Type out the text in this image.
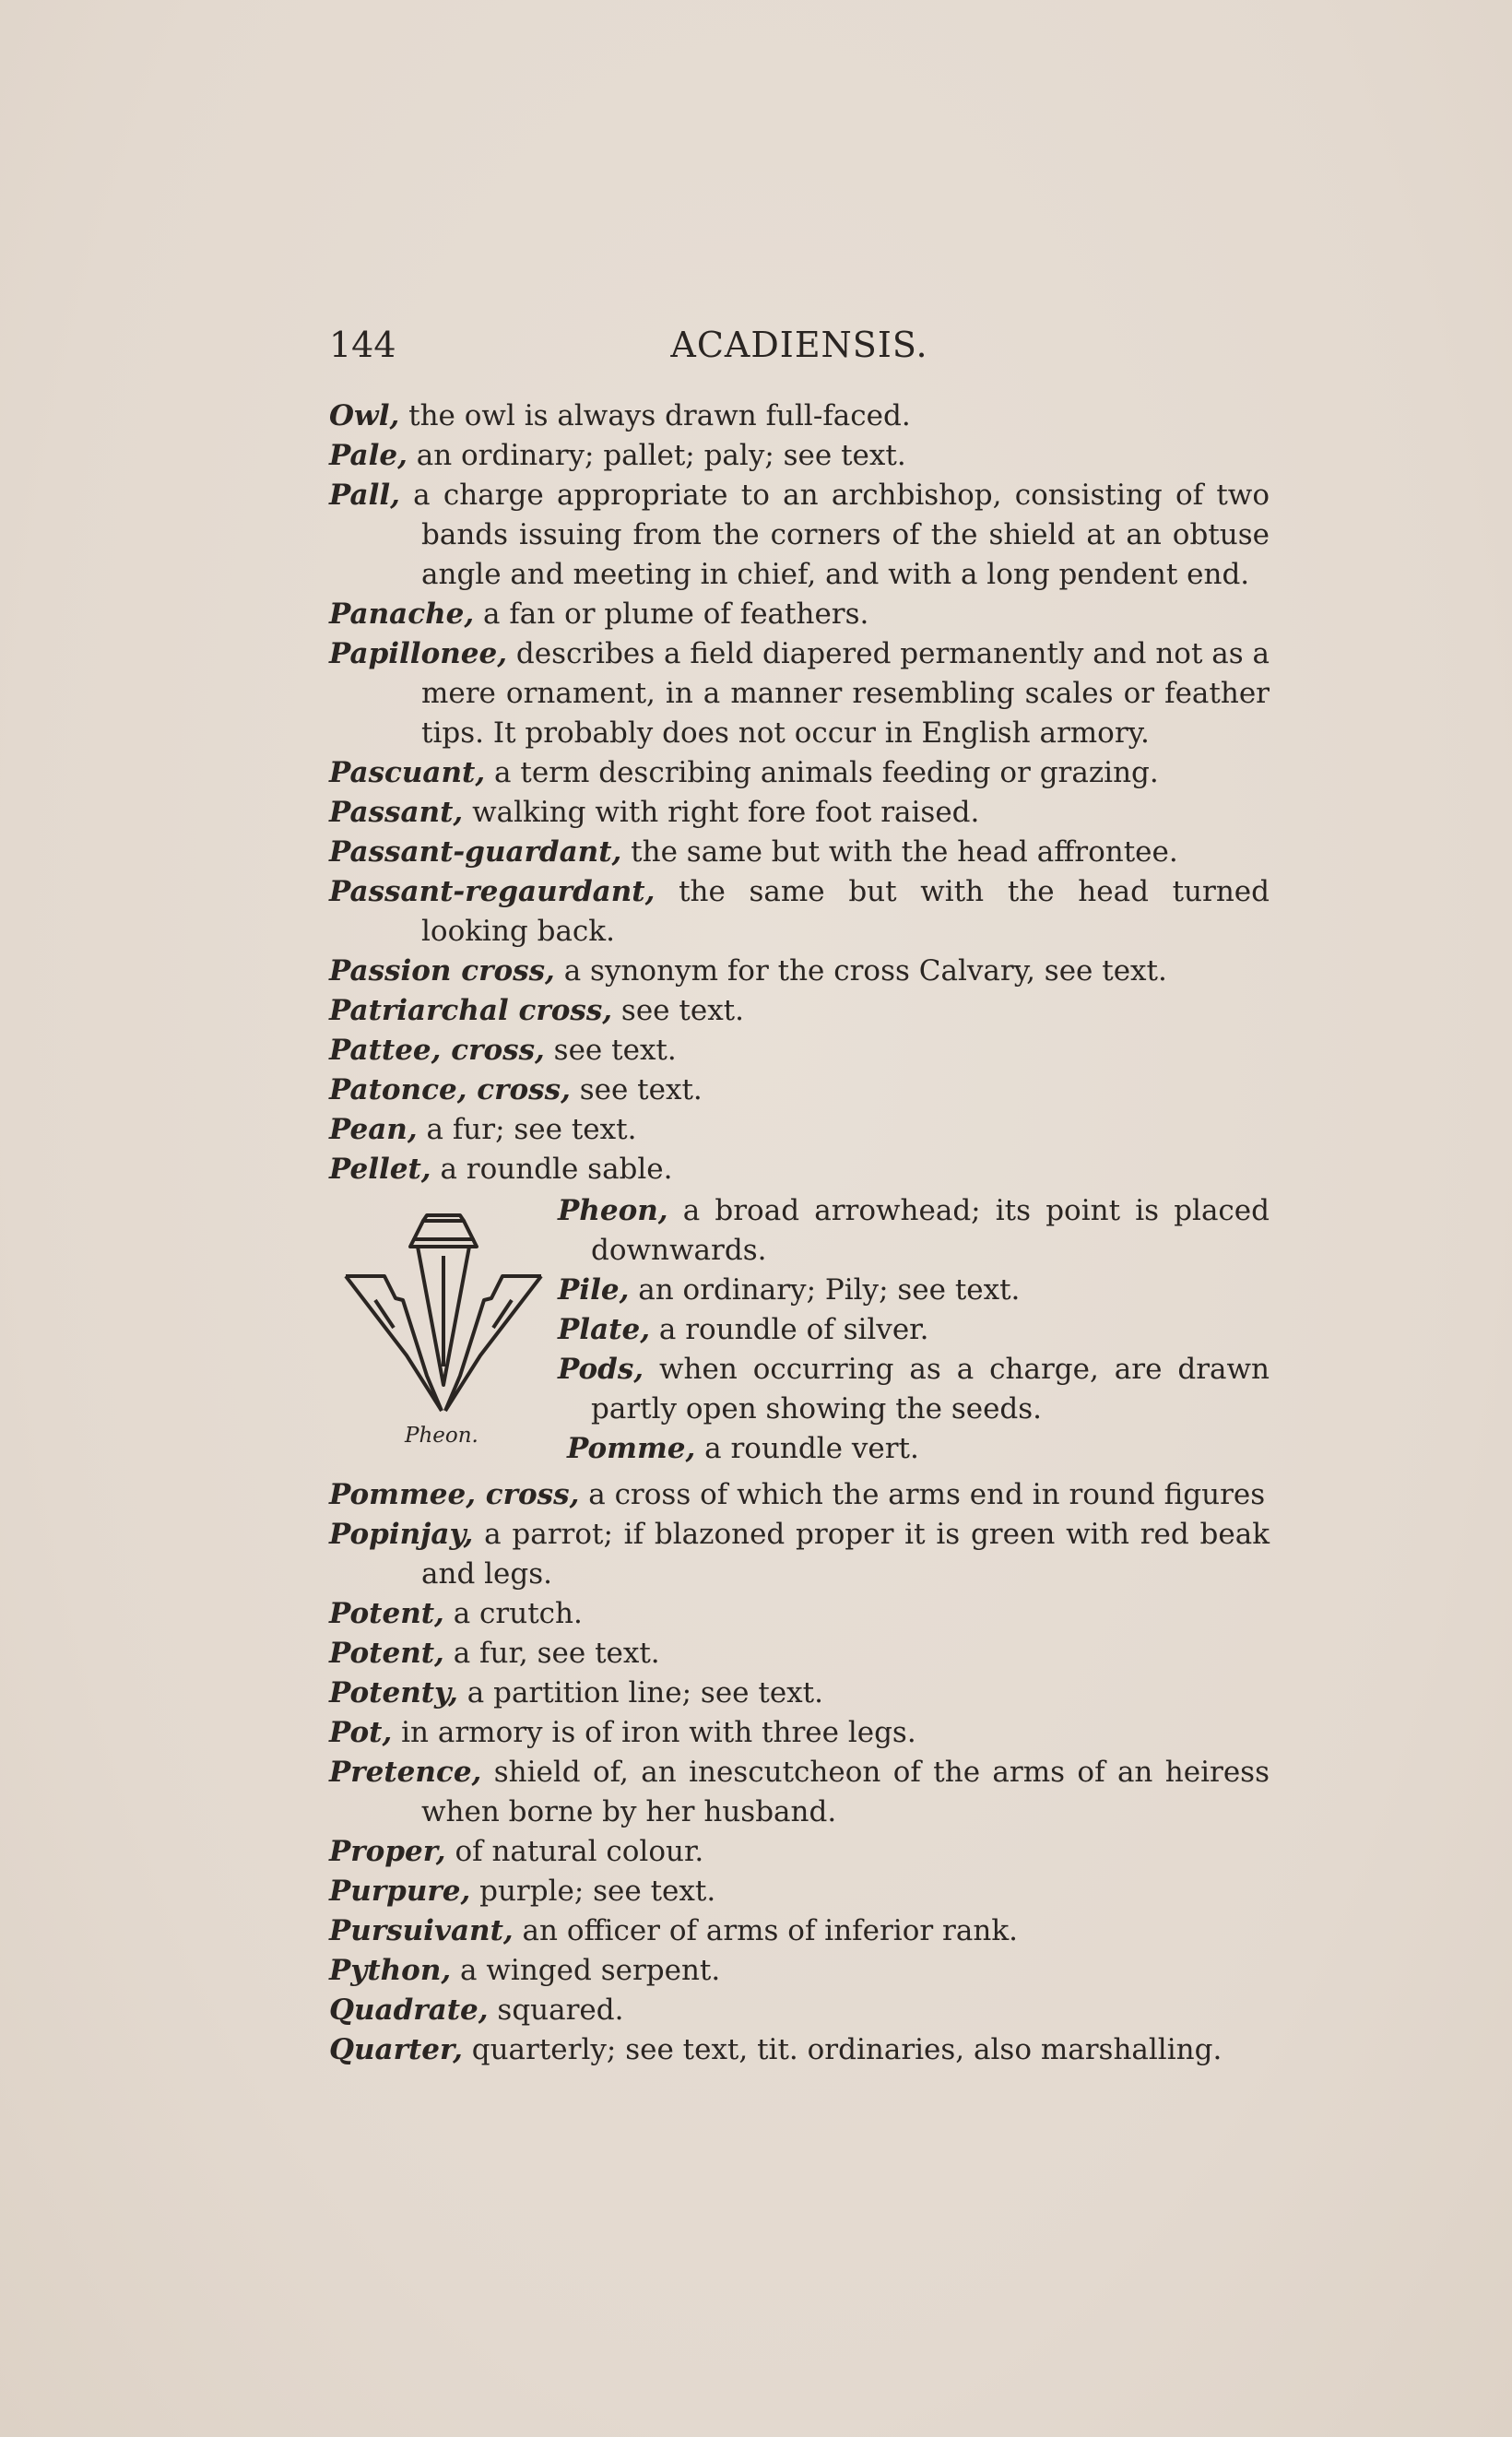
144	ACADIENSIS.
Owl, the owl is always drawn full-faced.
Pale, an ordinary; pallet; paly; see text.
Pall, a charge appropriate to an archbishop, consisting of two bands issuing from the corners of the shield at an obtuse angle and meeting in chief, and with a long pendent end.
Panache, a fan or plume of feathers.
Papillonee, describes a field diapered permanently and not as a mere ornament, in a manner resembling scales or feather tips. It probably does not occur in English armory.
Pascuant, a term describing animals feeding or grazing.
Passant, walking with right fore foot raised.
Passant-guardant, the same but with the head affrontee.
Passant-regaurdant, the same but with the head turned looking back.
Passion cross, a synonym for the cross Calvary, see text.
Patriarchal cross, see text.
Pattee, cross, see text.
Patonce, cross, see text.
Pean, a fur; see text.
Pellet, a roundle sable.
Pheon.
Pheon, a broad arrowhead; its point is placed downwards.
Pile, an ordinary; Pily; see text.
Plate, a roundle of silver.
Pods, when occurring as a charge, are drawn partly open showing the seeds.
Pomme, a roundle vert.
Pommee, cross, a cross of which the arms end in round figures
Popinjay, a parrot; if blazoned proper it is green with red beak and legs.
Potent, a crutch.
Potent, a fur, see text.
Potenty, a partition line; see text.
Pot, in armory is of iron with three legs.
Pretence, shield of, an inescutcheon of the arms of an heiress when borne by her husband.
Proper, of natural colour.
Purpure, purple; see text.
Pursuivant, an officer of arms of inferior rank.
Python, a winged serpent.
Quadrate, squared.
Quarter, quarterly; see text, tit. ordinaries, also marshalling.
